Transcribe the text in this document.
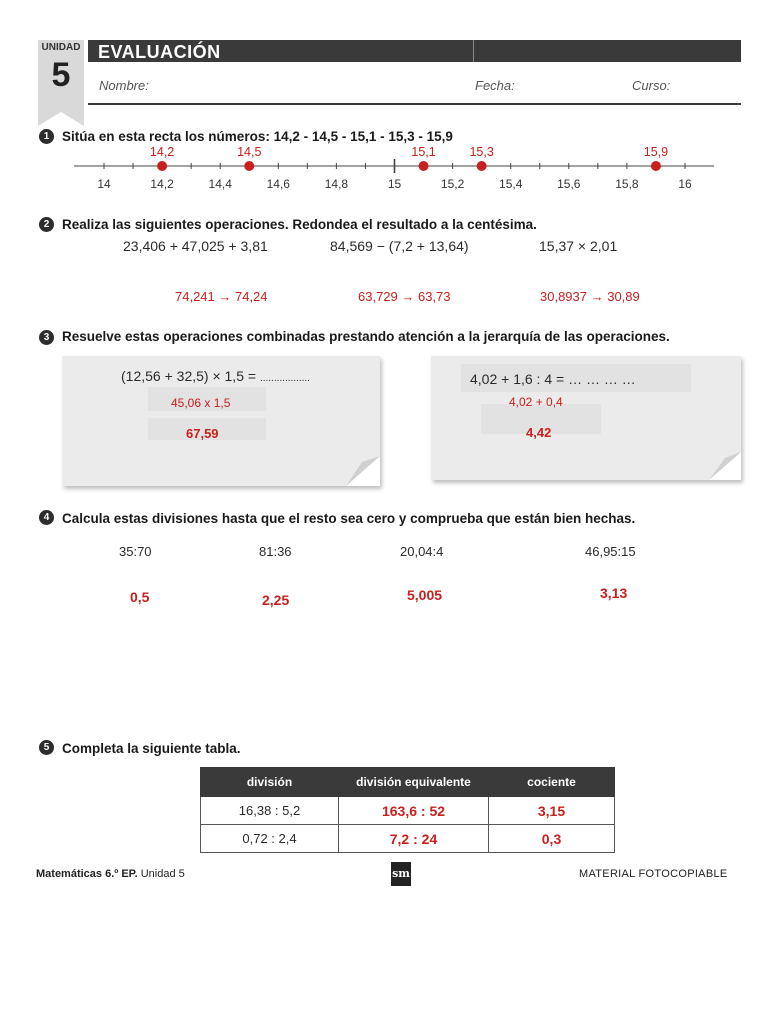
UNIDAD
5
EVALUACIÓN
Nombre:	Fecha:	Curso:
1 Sitúa en esta recta los números: 14,2 - 14,5 - 15,1 - 15,3 - 15,9
14	14,2	14,4	14,6	14,8	15	15,2	15,4	15,6	15,8	16
14,2	14,5	15,1	15,3	15,9
2 Realiza las siguientes operaciones. Redondea el resultado a la centésima.
23,406 + 47,025 + 3,81	84,569 − (7,2 + 13,64)	15,37 × 2,01
74,241 → 74,24	63,729 → 63,73	30,8937 → 30,89
3 Resuelve estas operaciones combinadas prestando atención a la jerarquía de las operaciones.
(12,56 + 32,5) × 1,5 = ..................
45,06 x 1,5
67,59
4,02 + 1,6 : 4 = … … … …
4,02 + 0,4
4,42
4 Calcula estas divisiones hasta que el resto sea cero y comprueba que están bien hechas.
35:70	81:36	20,04:4	46,95:15
0,5	2,25	5,005	3,13
5 Completa la siguiente tabla.
división	división equivalente	cociente
16,38 : 5,2	163,6 : 52	3,15
0,72 : 2,4	7,2 : 24	0,3
Matemáticas 6.º EP. Unidad 5	sm	MATERIAL FOTOCOPIABLE
